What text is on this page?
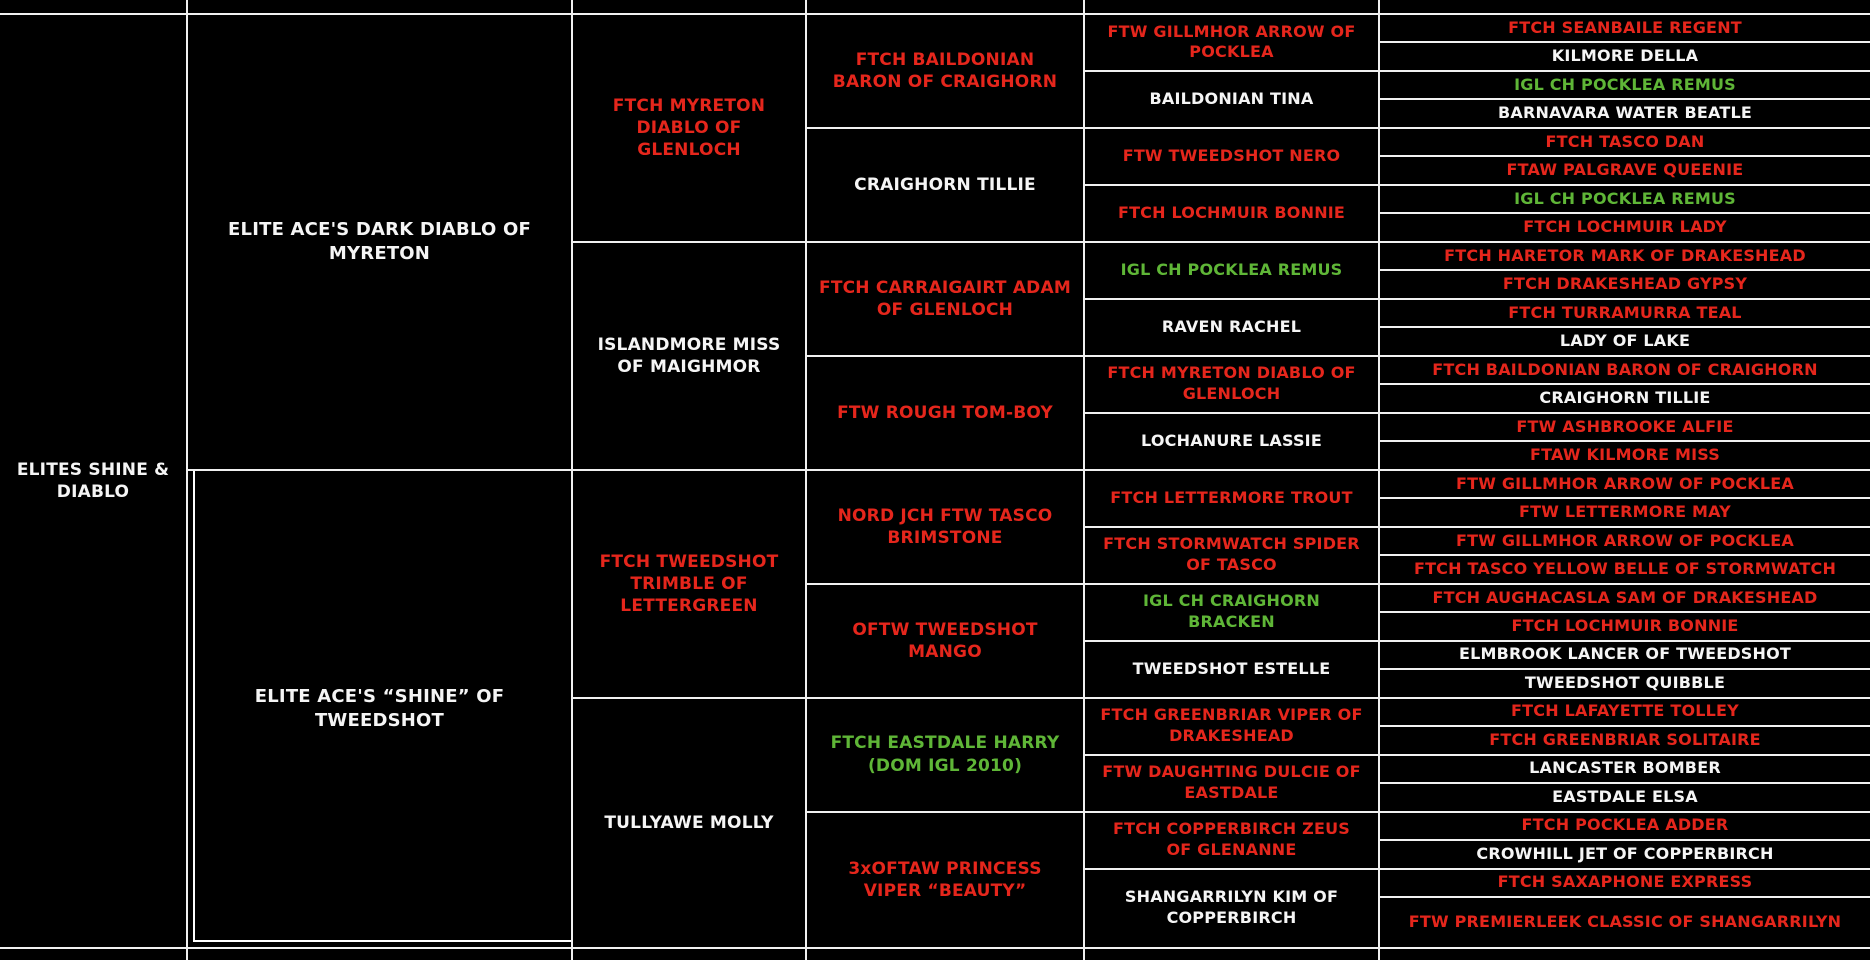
ELITES SHINE & DIABLO
ELITE ACE'S DARK DIABLO OF MYRETON
ELITE ACE'S “SHINE” OF TWEEDSHOT
FTCH MYRETON DIABLO OF GLENLOCH
ISLANDMORE MISS OF MAIGHMOR
FTCH TWEEDSHOT TRIMBLE OF LETTERGREEN
TULLYAWE MOLLY
FTCH BAILDONIAN BARON OF CRAIGHORN
CRAIGHORN TILLIE
FTCH CARRAIGAIRT ADAM OF GLENLOCH
FTW ROUGH TOM-BOY
NORD JCH FTW TASCO BRIMSTONE
OFTW TWEEDSHOT MANGO
FTCH EASTDALE HARRY (DOM IGL 2010)
3xOFTAW PRINCESS VIPER “BEAUTY”
FTW GILLMHOR ARROW OF POCKLEA
BAILDONIAN TINA
FTW TWEEDSHOT NERO
FTCH LOCHMUIR BONNIE
IGL CH POCKLEA REMUS
RAVEN RACHEL
FTCH MYRETON DIABLO OF GLENLOCH
LOCHANURE LASSIE
FTCH LETTERMORE TROUT
FTCH STORMWATCH SPIDER OF TASCO
IGL CH CRAIGHORN BRACKEN
TWEEDSHOT ESTELLE
FTCH GREENBRIAR VIPER OF DRAKESHEAD
FTW DAUGHTING DULCIE OF EASTDALE
FTCH COPPERBIRCH ZEUS OF GLENANNE
SHANGARRILYN KIM OF COPPERBIRCH
FTCH SEANBAILE REGENT
KILMORE DELLA
IGL CH POCKLEA REMUS
BARNAVARA WATER BEATLE
FTCH TASCO DAN
FTAW PALGRAVE QUEENIE
IGL CH POCKLEA REMUS
FTCH LOCHMUIR LADY
FTCH HARETOR MARK OF DRAKESHEAD
FTCH DRAKESHEAD GYPSY
FTCH TURRAMURRA TEAL
LADY OF LAKE
FTCH BAILDONIAN BARON OF CRAIGHORN
CRAIGHORN TILLIE
FTW ASHBROOKE ALFIE
FTAW KILMORE MISS
FTW GILLMHOR ARROW OF POCKLEA
FTW LETTERMORE MAY
FTW GILLMHOR ARROW OF POCKLEA
FTCH TASCO YELLOW BELLE OF STORMWATCH
FTCH AUGHACASLA SAM OF DRAKESHEAD
FTCH LOCHMUIR BONNIE
ELMBROOK LANCER OF TWEEDSHOT
TWEEDSHOT QUIBBLE
FTCH LAFAYETTE TOLLEY
FTCH GREENBRIAR SOLITAIRE
LANCASTER BOMBER
EASTDALE ELSA
FTCH POCKLEA ADDER
CROWHILL JET OF COPPERBIRCH
FTCH SAXAPHONE EXPRESS
FTW PREMIERLEEK CLASSIC OF SHANGARRILYN
